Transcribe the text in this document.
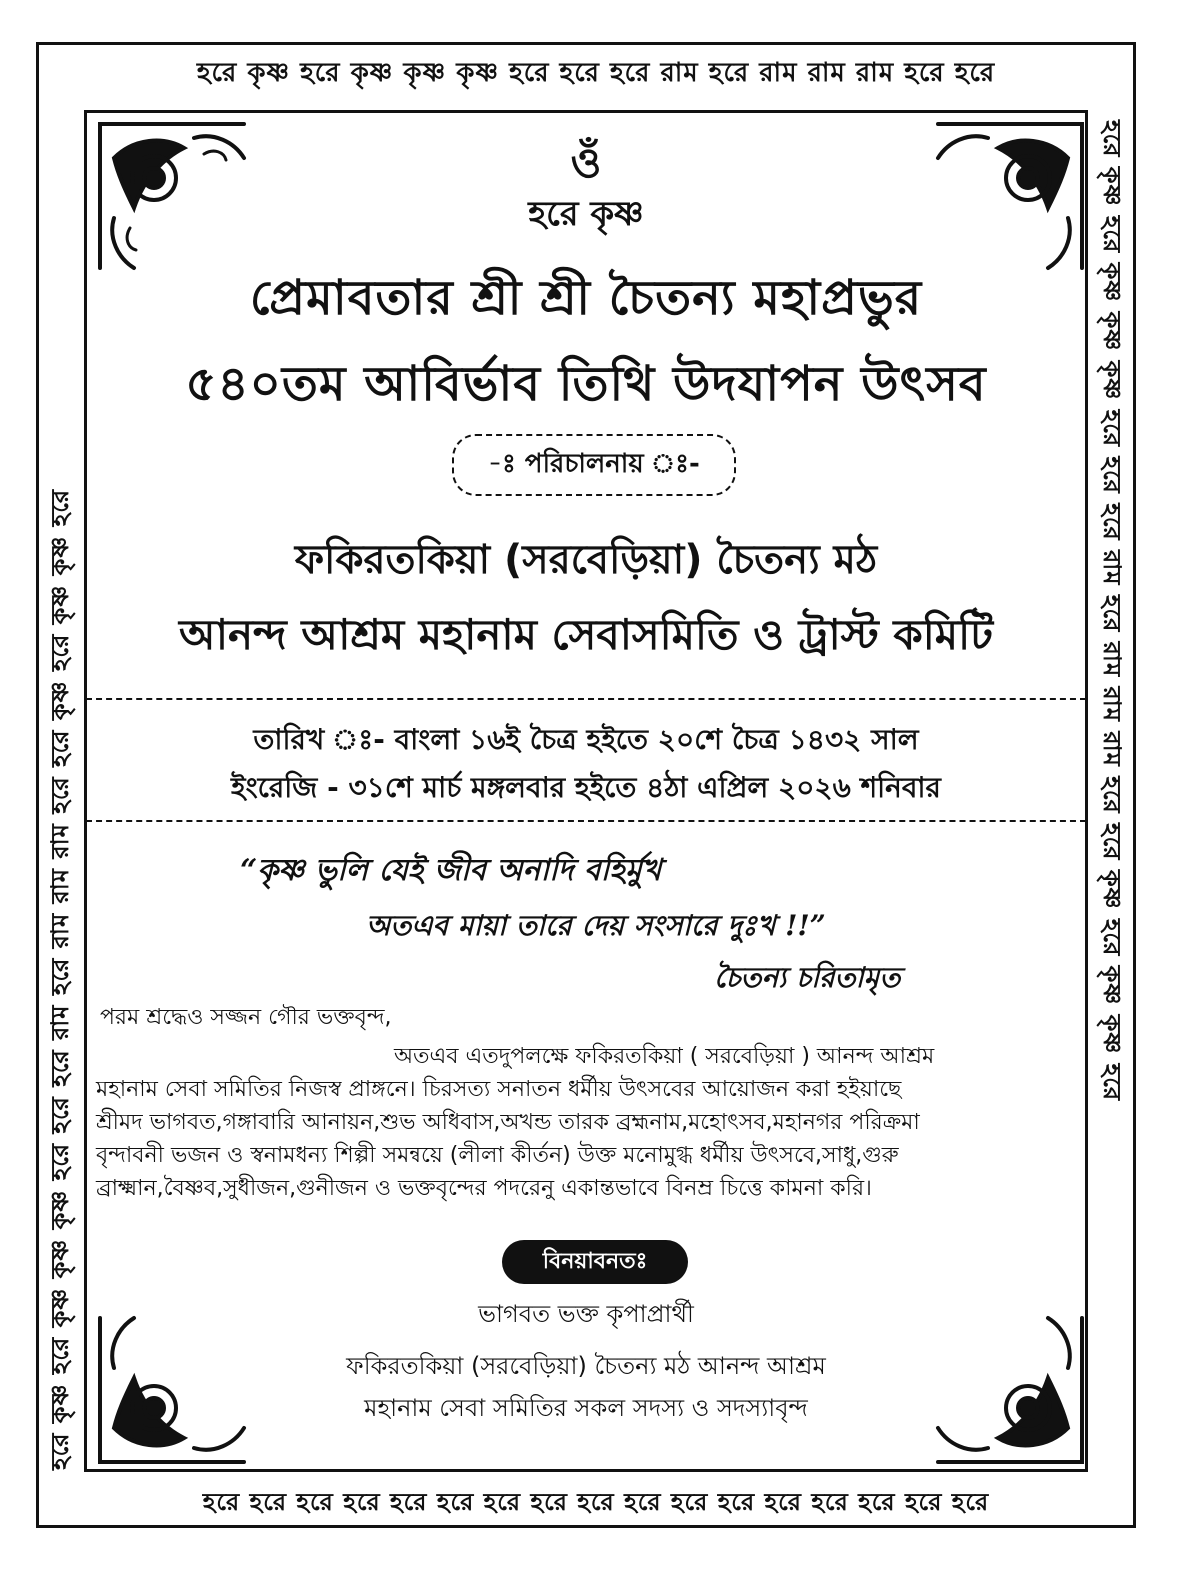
হরে কৃষ্ণ হরে কৃষ্ণ কৃষ্ণ কৃষ্ণ হরে হরে হরে রাম হরে রাম রাম রাম হরে হরে
হরে কৃষ্ণ হরে কৃষ্ণ কৃষ্ণ কৃষ্ণ হরে হরে হরে রাম হরে রাম রাম রাম হরে হরে কৃষ্ণ হরে কৃষ্ণ কৃষ্ণ হরে	হরে কৃষ্ণ হরে কৃষ্ণ কৃষ্ণ কৃষ্ণ হরে হরে হরে রাম হরে রাম রাম রাম হরে হরে কৃষ্ণ হরে কৃষ্ণ কৃষ্ণ হরে
হরে হরে হরে হরে হরে হরে হরে হরে হরে হরে হরে হরে হরে হরে হরে হরে হরে
ওঁ
হরে কৃষ্ণ
প্রেমাবতার শ্রী শ্রী চৈতন্য মহাপ্রভুর
৫৪০তম আবির্ভাব তিথি উদযাপন উৎসব
-ঃ পরিচালনায় ঃ-
ফকিরতকিয়া (সরবেড়িয়া) চৈতন্য মঠ
আনন্দ আশ্রম মহানাম সেবাসমিতি ও ট্রাস্ট কমিটি
তারিখ ঃ- বাংলা ১৬ই চৈত্র হইতে ২০শে চৈত্র ১৪৩২ সাল
ইংরেজি - ৩১শে মার্চ মঙ্গলবার হইতে ৪ঠা এপ্রিল ২০২৬ শনিবার
“কৃষ্ণ ভুলি যেই জীব অনাদি বহির্মুখ
অতএব মায়া তারে দেয় সংসারে দুঃখ !!”
চৈতন্য চরিতামৃত
পরম শ্রদ্ধেও সজ্জন গৌর ভক্তবৃন্দ,

অতএব এতদুপলক্ষে ফকিরতকিয়া ( সরবেড়িয়া ) আনন্দ আশ্রম

মহানাম সেবা সমিতির নিজস্ব প্রাঙ্গনে। চিরসত্য সনাতন ধর্মীয় উৎসবের আয়োজন করা হইয়াছে

শ্রীমদ ভাগবত,গঙ্গাবারি আনায়ন,শুভ অধিবাস,অখন্ড তারক ব্রহ্মনাম,মহোৎসব,মহানগর পরিক্রমা

বৃন্দাবনী ভজন ও স্বনামধন্য শিল্পী সমন্বয়ে (লীলা কীর্তন) উক্ত মনোমুগ্ধ ধর্মীয় উৎসবে,সাধু,গুরু

ব্রাক্ষ্মান,বৈষ্ণব,সুধীজন,গুনীজন ও ভক্তবৃন্দের পদরেনু একান্তভাবে বিনম্র চিত্তে কামনা করি।

বিনয়াবনতঃ
ভাগবত ভক্ত কৃপাপ্রার্থী
ফকিরতকিয়া (সরবেড়িয়া) চৈতন্য মঠ আনন্দ আশ্রম
মহানাম সেবা সমিতির সকল সদস্য ও সদস্যাবৃন্দ
